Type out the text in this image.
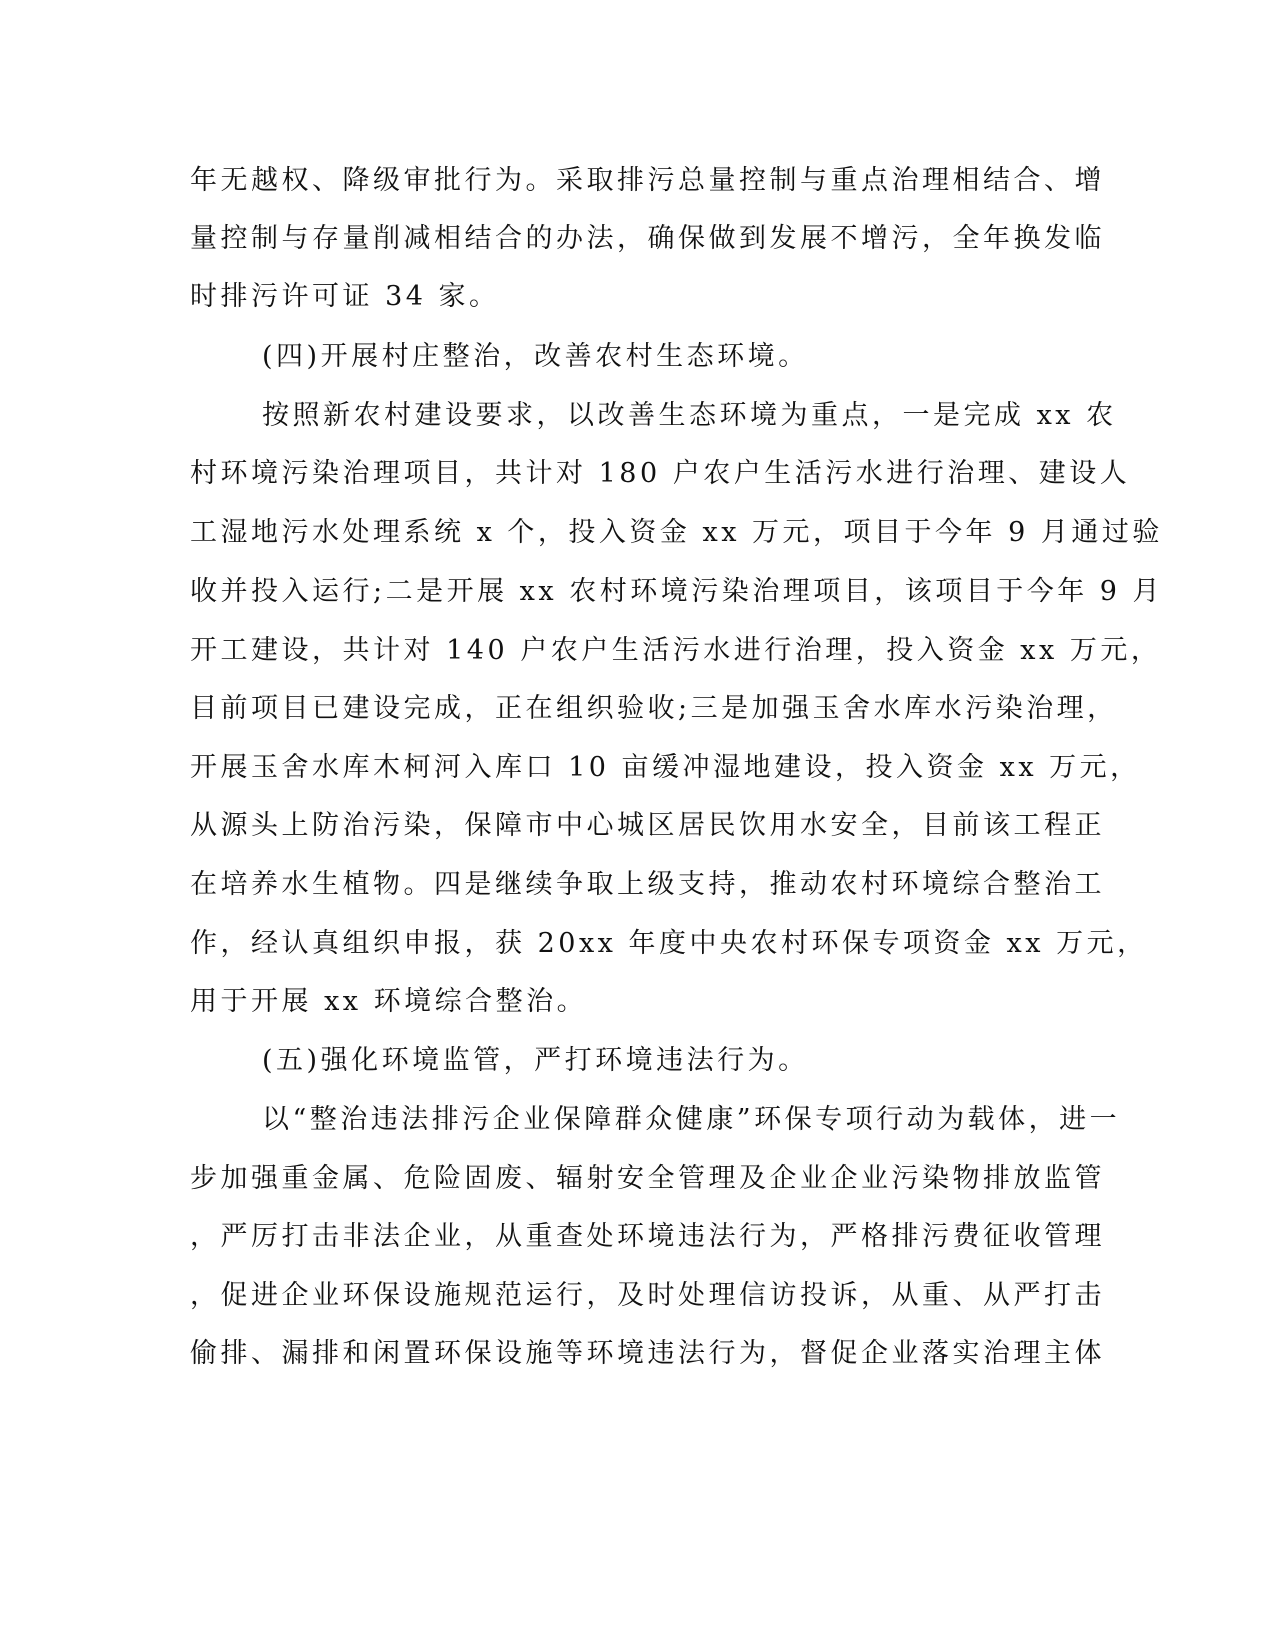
年无越权、降级审批行为。采取排污总量控制与重点治理相结合、增
量控制与存量削减相结合的办法，确保做到发展不增污，全年换发临
时排污许可证 34 家。
(四)开展村庄整治，改善农村生态环境。
按照新农村建设要求，以改善生态环境为重点，一是完成 xx 农
村环境污染治理项目，共计对 180 户农户生活污水进行治理、建设人
工湿地污水处理系统 x 个，投入资金 xx 万元，项目于今年 9 月通过验
收并投入运行;二是开展 xx 农村环境污染治理项目，该项目于今年 9 月
开工建设，共计对 140 户农户生活污水进行治理，投入资金 xx 万元，
目前项目已建设完成，正在组织验收;三是加强玉舍水库水污染治理，
开展玉舍水库木柯河入库口 10 亩缓冲湿地建设，投入资金 xx 万元，
从源头上防治污染，保障市中心城区居民饮用水安全，目前该工程正
在培养水生植物。四是继续争取上级支持，推动农村环境综合整治工
作，经认真组织申报，获 20xx 年度中央农村环保专项资金 xx 万元，
用于开展 xx 环境综合整治。
(五)强化环境监管，严打环境违法行为。
以“整治违法排污企业保障群众健康”环保专项行动为载体，进一
步加强重金属、危险固废、辐射安全管理及企业企业污染物排放监管
，严厉打击非法企业，从重查处环境违法行为，严格排污费征收管理
，促进企业环保设施规范运行，及时处理信访投诉，从重、从严打击
偷排、漏排和闲置环保设施等环境违法行为，督促企业落实治理主体
